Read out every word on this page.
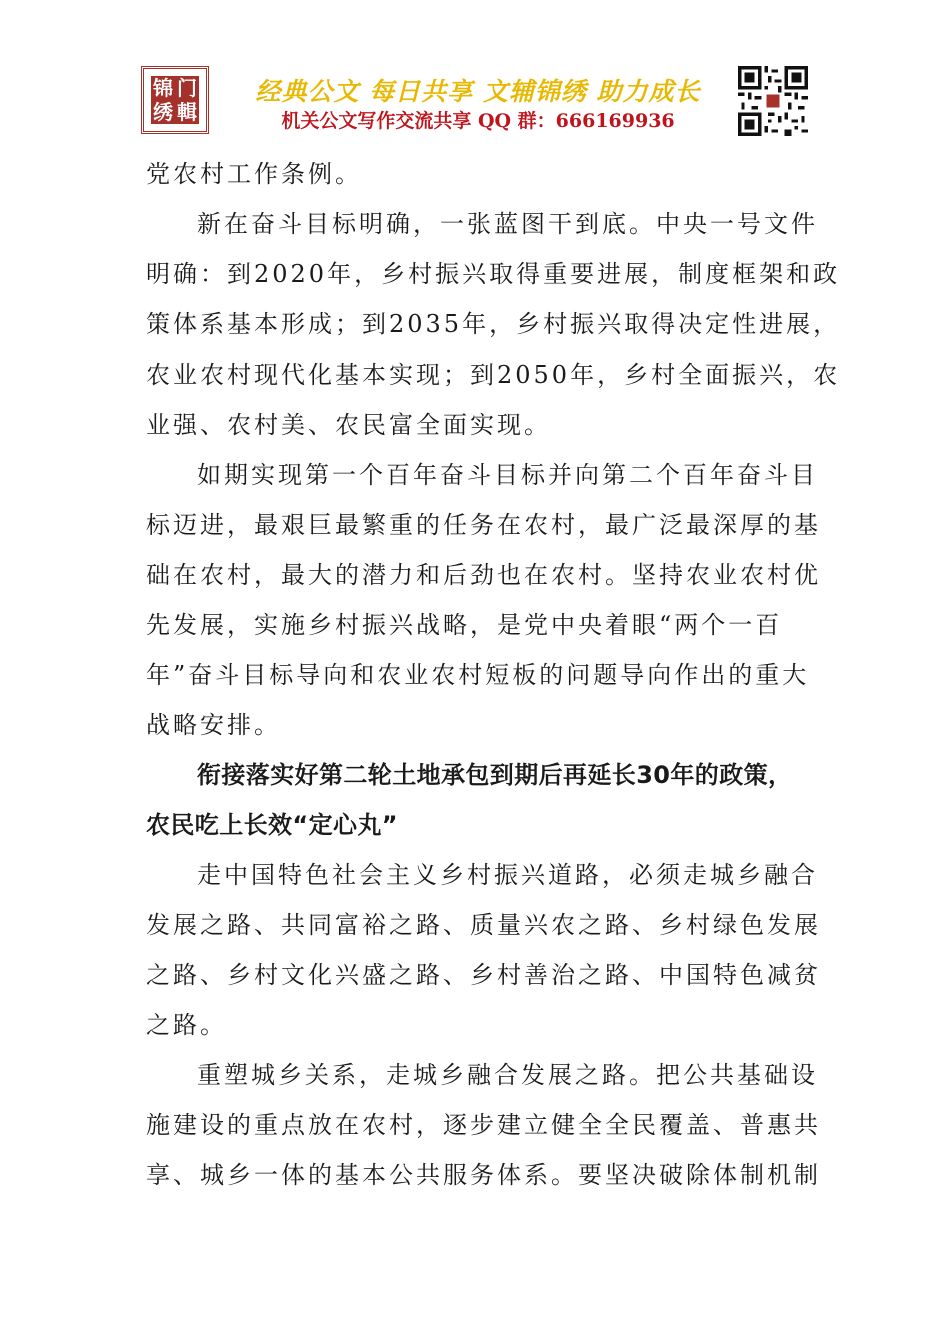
锦 门
绣 輯
经典公文 每日共享 文辅锦绣 助力成长
机关公文写作交流共享 QQ 群：666169936

党农村工作条例。

新在奋斗目标明确，一张蓝图干到底。中央一号文件

明确：到2020年，乡村振兴取得重要进展，制度框架和政

策体系基本形成；到2035年，乡村振兴取得决定性进展，

农业农村现代化基本实现；到2050年，乡村全面振兴，农

业强、农村美、农民富全面实现。

如期实现第一个百年奋斗目标并向第二个百年奋斗目

标迈进，最艰巨最繁重的任务在农村，最广泛最深厚的基

础在农村，最大的潜力和后劲也在农村。坚持农业农村优

先发展，实施乡村振兴战略，是党中央着眼“两个一百

年”奋斗目标导向和农业农村短板的问题导向作出的重大

战略安排。

衔接落实好第二轮土地承包到期后再延长30年的政策，

农民吃上长效“定心丸”

走中国特色社会主义乡村振兴道路，必须走城乡融合

发展之路、共同富裕之路、质量兴农之路、乡村绿色发展

之路、乡村文化兴盛之路、乡村善治之路、中国特色减贫

之路。

重塑城乡关系，走城乡融合发展之路。把公共基础设

施建设的重点放在农村，逐步建立健全全民覆盖、普惠共

享、城乡一体的基本公共服务体系。要坚决破除体制机制
